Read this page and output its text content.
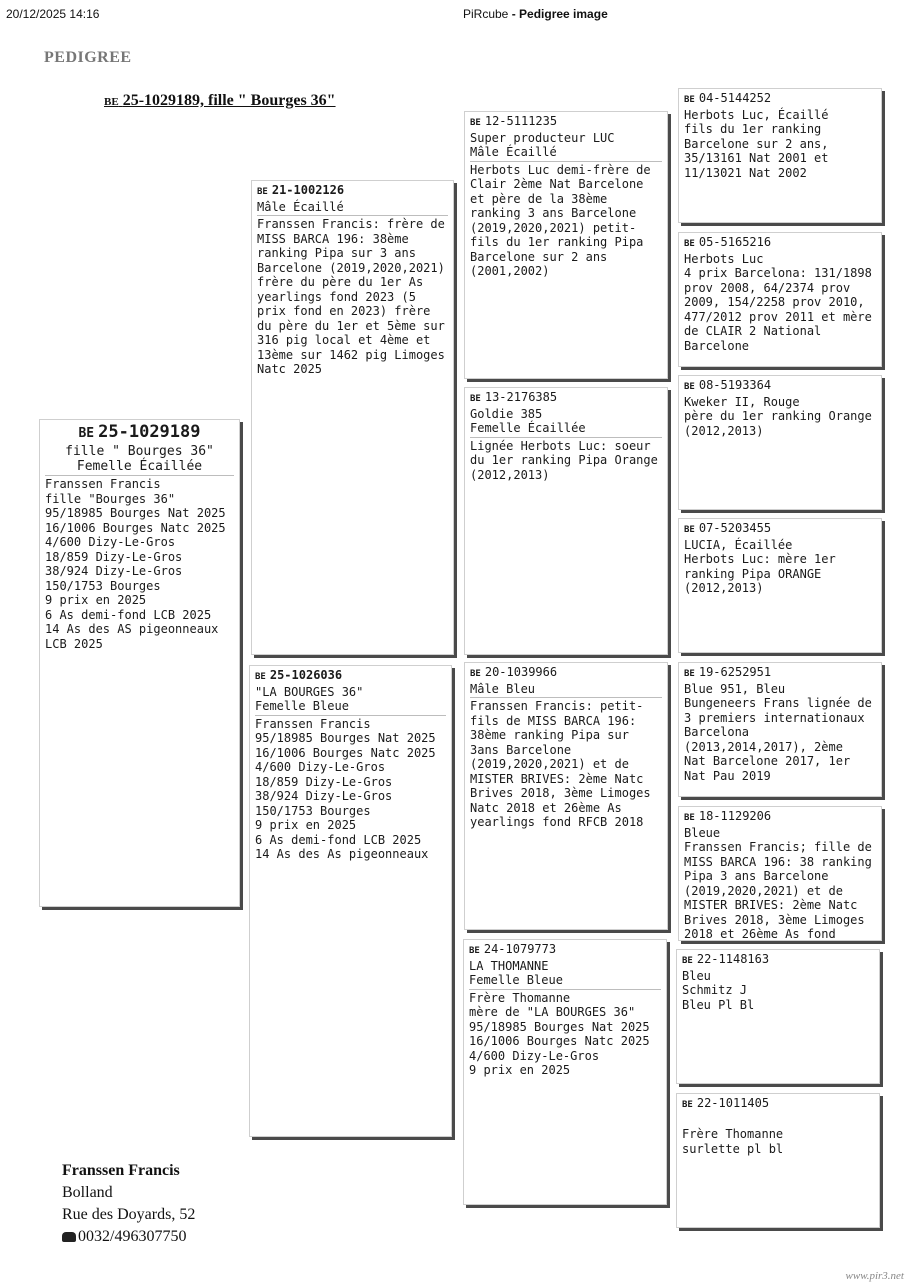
20/12/2025 14:16	PiRcube - Pedigree image
PEDIGREE
BE 25-1029189, fille " Bourges 36"
BE 25-1029189
fille " Bourges 36"
Femelle Écaillée
Franssen Francis
fille "Bourges 36"
95/18985 Bourges Nat 2025
16/1006 Bourges Natc 2025
4/600 Dizy-Le-Gros
18/859 Dizy-Le-Gros
38/924 Dizy-Le-Gros
150/1753 Bourges
9 prix en 2025
6 As demi-fond LCB 2025
14 As des AS pigeonneaux
LCB 2025
BE 21-1002126
Mâle Écaillé
Franssen Francis: frère de
MISS BARCA 196: 38ème
ranking Pipa sur 3 ans
Barcelone (2019,2020,2021)
frère du père du 1er As
yearlings fond 2023 (5
prix fond en 2023) frère
du père du 1er et 5ème sur
316 pig local et 4ème et
13ème sur 1462 pig Limoges
Natc 2025
BE 25-1026036
"LA BOURGES 36"
Femelle Bleue
Franssen Francis
95/18985 Bourges Nat 2025
16/1006 Bourges Natc 2025
4/600 Dizy-Le-Gros
18/859 Dizy-Le-Gros
38/924 Dizy-Le-Gros
150/1753 Bourges
9 prix en 2025
6 As demi-fond LCB 2025
14 As des As pigeonneaux
BE 12-5111235
Super producteur LUC
Mâle Écaillé
Herbots Luc demi-frère de
Clair 2ème Nat Barcelone
et père de la 38ème
ranking 3 ans Barcelone
(2019,2020,2021) petit-
fils du 1er ranking Pipa
Barcelone sur 2 ans
(2001,2002)
BE 13-2176385
Goldie 385
Femelle Écaillée
Lignée Herbots Luc: soeur
du 1er ranking Pipa Orange
(2012,2013)
BE 20-1039966
Mâle Bleu
Franssen Francis: petit-
fils de MISS BARCA 196:
38ème ranking Pipa sur
3ans Barcelone
(2019,2020,2021) et de
MISTER BRIVES: 2ème Natc
Brives 2018, 3ème Limoges
Natc 2018 et 26ème As
yearlings fond RFCB 2018
BE 24-1079773
LA THOMANNE
Femelle Bleue
Frère Thomanne
mère de "LA BOURGES 36"
95/18985 Bourges Nat 2025
16/1006 Bourges Natc 2025
4/600 Dizy-Le-Gros
9 prix en 2025
BE 04-5144252
Herbots Luc, Écaillé
fils du 1er ranking
Barcelone sur 2 ans,
35/13161 Nat 2001 et
11/13021 Nat 2002
BE 05-5165216
Herbots Luc
4 prix Barcelona: 131/1898
prov 2008, 64/2374 prov
2009, 154/2258 prov 2010,
477/2012 prov 2011 et mère
de CLAIR 2 National
Barcelone
BE 08-5193364
Kweker II, Rouge
père du 1er ranking Orange
(2012,2013)
BE 07-5203455
LUCIA, Écaillée
Herbots Luc: mère 1er
ranking Pipa ORANGE
(2012,2013)
BE 19-6252951
Blue 951, Bleu
Bungeneers Frans lignée de
3 premiers internationaux
Barcelona
(2013,2014,2017), 2ème
Nat Barcelone 2017, 1er
Nat Pau 2019
BE 18-1129206
Bleue
Franssen Francis; fille de
MISS BARCA 196: 38 ranking
Pipa 3 ans Barcelone
(2019,2020,2021) et de
MISTER BRIVES: 2ème Natc
Brives 2018, 3ème Limoges
2018 et 26ème As fond
BE 22-1148163
Bleu
Schmitz J
Bleu Pl Bl
BE 22-1011405

Frère Thomanne
surlette pl bl
Franssen Francis
Bolland
Rue des Doyards, 52
0032/496307750
www.pir3.net
